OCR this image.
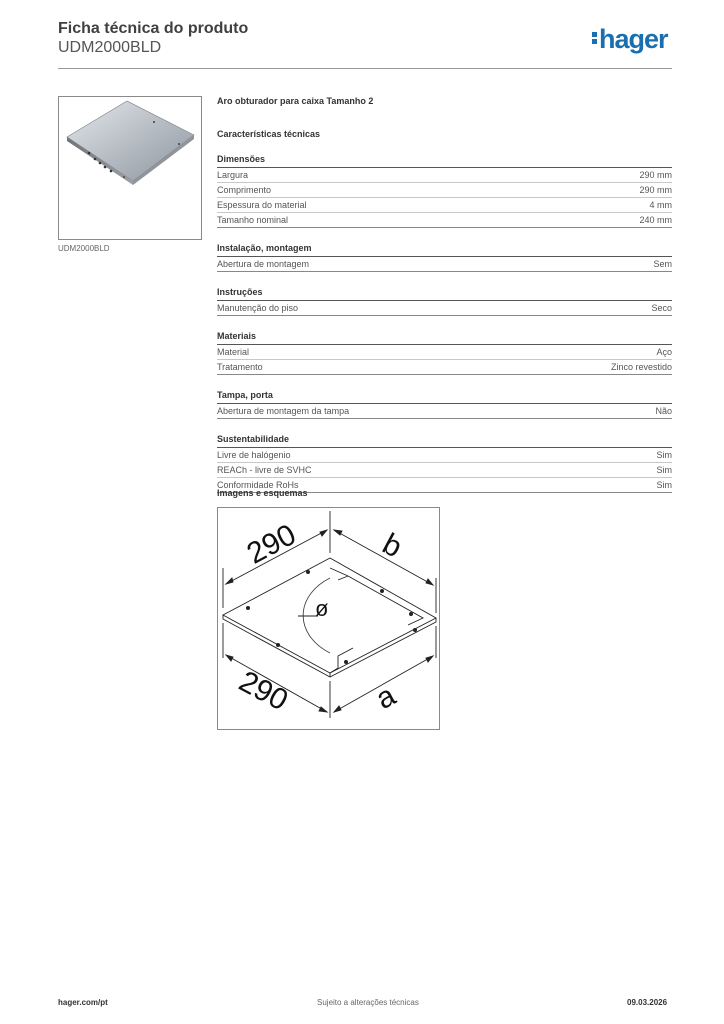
Ficha técnica do produto
UDM2000BLD	hager
UDM2000BLD
Aro obturador para caixa Tamanho 2
Características técnicas
Dimensões
Largura	290 mm
Comprimento	290 mm
Espessura do material	4 mm
Tamanho nominal	240 mm
Instalação, montagem
Abertura de montagem	Sem
Instruções
Manutenção do piso	Seco
Materiais
Material	Aço
Tratamento	Zinco revestido
Tampa, porta
Abertura de montagem da tampa	Não
Sustentabilidade
Livre de halógenio	Sim
REACh - livre de SVHC	Sim
Conformidade RoHs	Sim
Imagens e esquemas
290	b
290	a
ø
hager.com/pt	Sujeito a alterações técnicas	09.03.2026
